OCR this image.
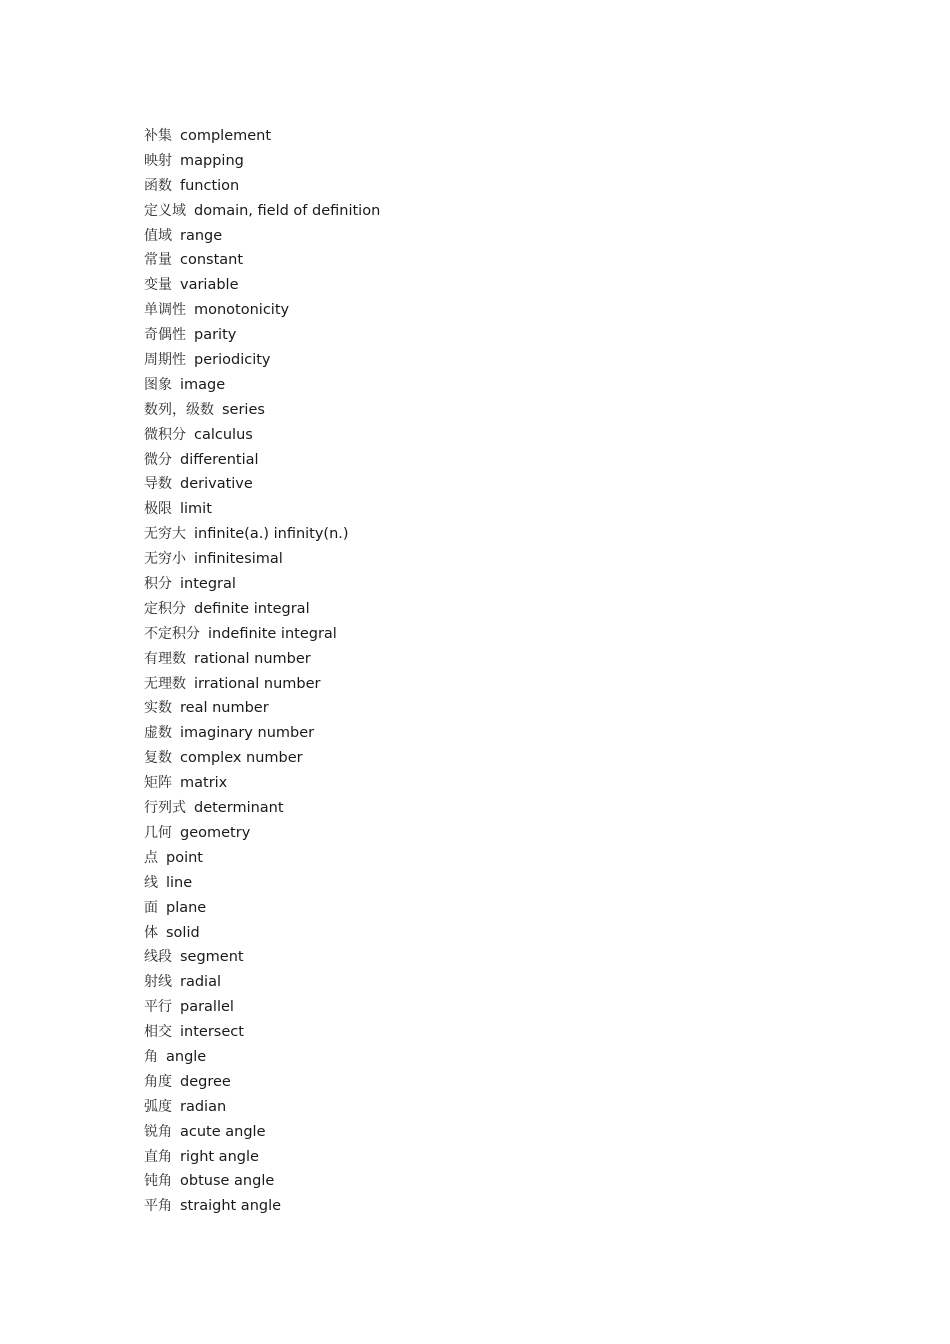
补集 complement
映射 mapping
函数 function
定义域 domain, field of definition
值域 range
常量 constant
变量 variable
单调性 monotonicity
奇偶性 parity
周期性 periodicity
图象 image
数列，级数 series
微积分 calculus
微分 differential
导数 derivative
极限 limit
无穷大 infinite(a.) infinity(n.)
无穷小 infinitesimal
积分 integral
定积分 definite integral
不定积分 indefinite integral
有理数 rational number
无理数 irrational number
实数 real number
虚数 imaginary number
复数 complex number
矩阵 matrix
行列式 determinant
几何 geometry
点 point
线 line
面 plane
体 solid
线段 segment
射线 radial
平行 parallel
相交 intersect
角 angle
角度 degree
弧度 radian
锐角 acute angle
直角 right angle
钝角 obtuse angle
平角 straight angle
